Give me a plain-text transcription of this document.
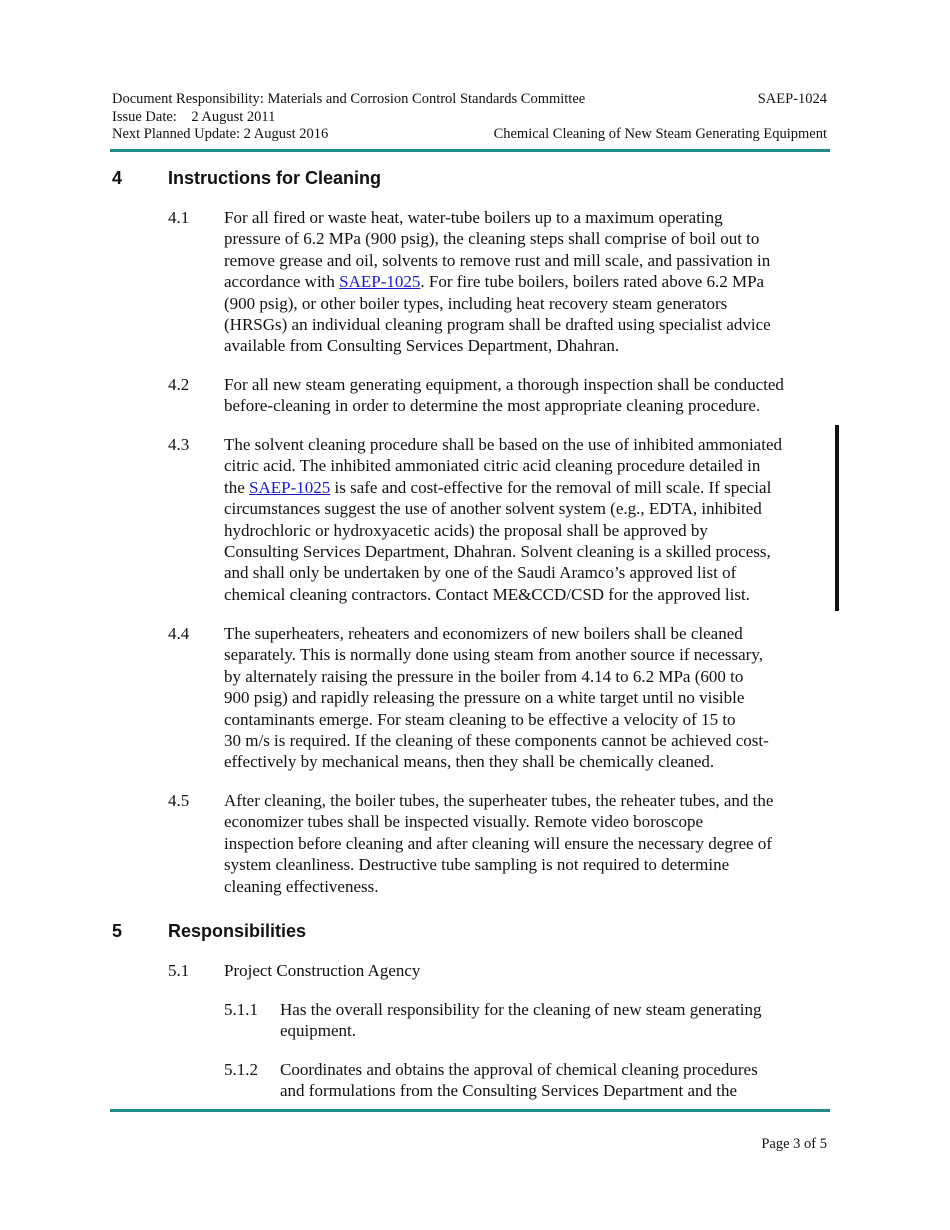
Document Responsibility: Materials and Corrosion Control Standards Committee	SAEP-1024
Issue Date:    2 August 2011
Next Planned Update: 2 August 2016	Chemical Cleaning of New Steam Generating Equipment
4	Instructions for Cleaning
4.1 For all fired or waste heat, water-tube boilers up to a maximum operating
pressure of 6.2 MPa (900 psig), the cleaning steps shall comprise of boil out to
remove grease and oil, solvents to remove rust and mill scale, and passivation in
accordance with SAEP-1025. For fire tube boilers, boilers rated above 6.2 MPa
(900 psig), or other boiler types, including heat recovery steam generators
(HRSGs) an individual cleaning program shall be drafted using specialist advice
available from Consulting Services Department, Dhahran.
4.2 For all new steam generating equipment, a thorough inspection shall be conducted
before-cleaning in order to determine the most appropriate cleaning procedure.
4.3 The solvent cleaning procedure shall be based on the use of inhibited ammoniated
citric acid. The inhibited ammoniated citric acid cleaning procedure detailed in
the SAEP-1025 is safe and cost-effective for the removal of mill scale. If special
circumstances suggest the use of another solvent system (e.g., EDTA, inhibited
hydrochloric or hydroxyacetic acids) the proposal shall be approved by
Consulting Services Department, Dhahran. Solvent cleaning is a skilled process,
and shall only be undertaken by one of the Saudi Aramco’s approved list of
chemical cleaning contractors. Contact ME&CCD/CSD for the approved list.
4.4 The superheaters, reheaters and economizers of new boilers shall be cleaned
separately. This is normally done using steam from another source if necessary,
by alternately raising the pressure in the boiler from 4.14 to 6.2 MPa (600 to
900 psig) and rapidly releasing the pressure on a white target until no visible
contaminants emerge. For steam cleaning to be effective a velocity of 15 to
30 m/s is required. If the cleaning of these components cannot be achieved cost-
effectively by mechanical means, then they shall be chemically cleaned.
4.5 After cleaning, the boiler tubes, the superheater tubes, the reheater tubes, and the
economizer tubes shall be inspected visually. Remote video boroscope
inspection before cleaning and after cleaning will ensure the necessary degree of
system cleanliness. Destructive tube sampling is not required to determine
cleaning effectiveness.
5	Responsibilities
5.1 Project Construction Agency
5.1.1 Has the overall responsibility for the cleaning of new steam generating
equipment.
5.1.2 Coordinates and obtains the approval of chemical cleaning procedures
and formulations from the Consulting Services Department and the
Page 3 of 5
